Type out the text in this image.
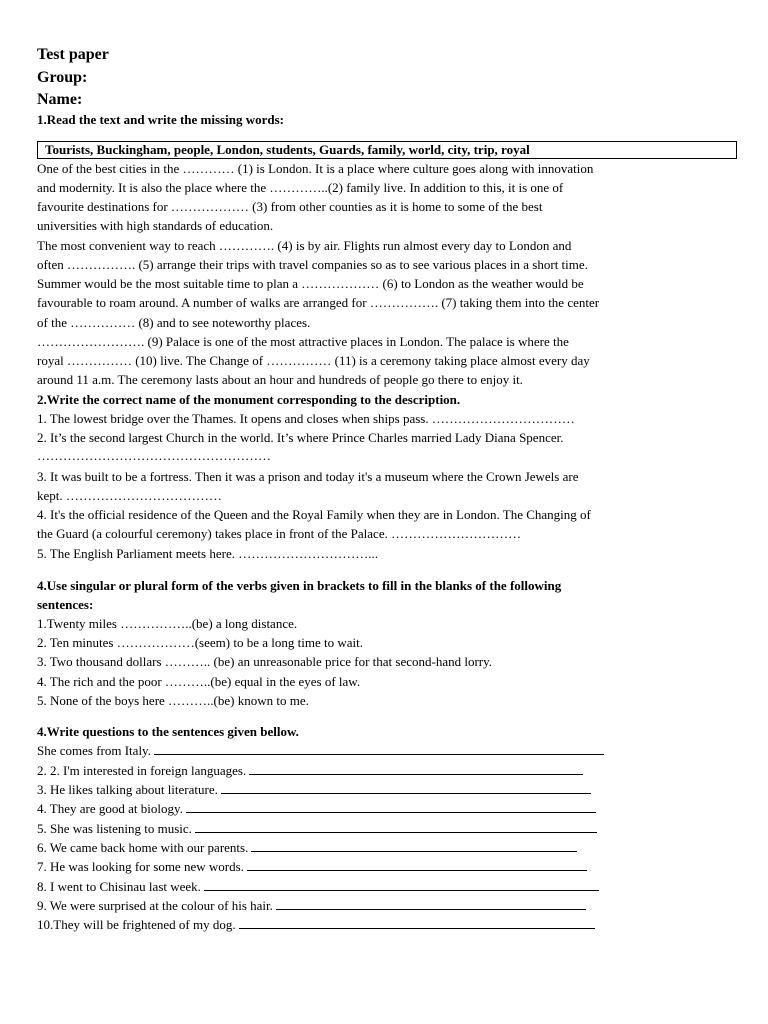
Test paper
Group:
Name:
1.Read the text and write the missing words:
Tourists, Buckingham, people, London, students, Guards, family, world, city, trip, royal
One of the best cities in the ………… (1) is London. It is a place where culture goes along with innovation
and modernity. It is also the place where the …………..(2) family live. In addition to this, it is one of
favourite destinations for ……………… (3) from other counties as it is home to some of the best
universities with high standards of education.
The most convenient way to reach …………. (4) is by air. Flights run almost every day to London and
often ……………. (5) arrange their trips with travel companies so as to see various places in a short time.
Summer would be the most suitable time to plan a ……………… (6) to London as the weather would be
favourable to roam around. A number of walks are arranged for ……………. (7) taking them into the center
of the …………… (8) and to see noteworthy places.
……………………. (9) Palace is one of the most attractive places in London. The palace is where the
royal …………… (10) live. The Change of …………… (11) is a ceremony taking place almost every day
around 11 a.m. The ceremony lasts about an hour and hundreds of people go there to enjoy it.
2.Write the correct name of the monument corresponding to the description.
1. The lowest bridge over the Thames. It opens and closes when ships pass. ……………………………
2. It’s the second largest Church in the world. It’s where Prince Charles married Lady Diana Spencer.
………………………………………………
3. It was built to be a fortress. Then it was a prison and today it's a museum where the Crown Jewels are
kept. ………………………………
4. It's the official residence of the Queen and the Royal Family when they are in London. The Changing of
the Guard (a colourful ceremony) takes place in front of the Palace. …………………………
5. The English Parliament meets here. …………………………...
4.Use singular or plural form of the verbs given in brackets to fill in the blanks of the following
sentences:
1.Twenty miles ……………..(be) a long distance.
2. Ten minutes ………………(seem) to be a long time to wait.
3. Two thousand dollars ……….. (be) an unreasonable price for that second-hand lorry.
4. The rich and the poor ………..(be) equal in the eyes of law.
5. None of the boys here ………..(be) known to me.
4.Write questions to the sentences given bellow.
She comes from Italy.
2. 2. I'm interested in foreign languages.
3. He likes talking about literature.
4. They are good at biology.
5. She was listening to music.
6. We came back home with our parents.
7. He was looking for some new words.
8. I went to Chisinau last week.
9. We were surprised at the colour of his hair.
10.They will be frightened of my dog.
